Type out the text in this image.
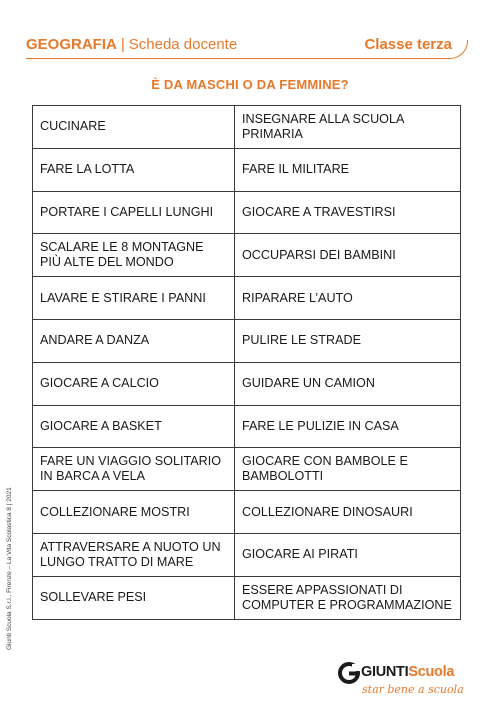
GEOGRAFIA | Scheda docente	Classe terza
È DA MASCHI O DA FEMMINE?
CUCINARE	INSEGNARE ALLA SCUOLA PRIMARIA
FARE LA LOTTA	FARE IL MILITARE
PORTARE I CAPELLI LUNGHI	GIOCARE A TRAVESTIRSI
SCALARE LE 8 MONTAGNE PIÙ ALTE DEL MONDO	OCCUPARSI DEI BAMBINI
LAVARE E STIRARE I PANNI	RIPARARE L’AUTO
ANDARE A DANZA	PULIRE LE STRADE
GIOCARE A CALCIO	GUIDARE UN CAMION
GIOCARE A BASKET	FARE LE PULIZIE IN CASA
FARE UN VIAGGIO SOLITARIO IN BARCA A VELA	GIOCARE CON BAMBOLE E BAMBOLOTTI
COLLEZIONARE MOSTRI	COLLEZIONARE DINOSAURI
ATTRAVERSARE A NUOTO UN LUNGO TRATTO DI MARE	GIOCARE AI PIRATI
SOLLEVARE PESI	ESSERE APPASSIONATI DI COMPUTER E PROGRAMMAZIONE
Giunti Scuola S.r.l., Firenze – La Vita Scolastica 8 | 2021
GIUNTIScuola
star bene a scuola
